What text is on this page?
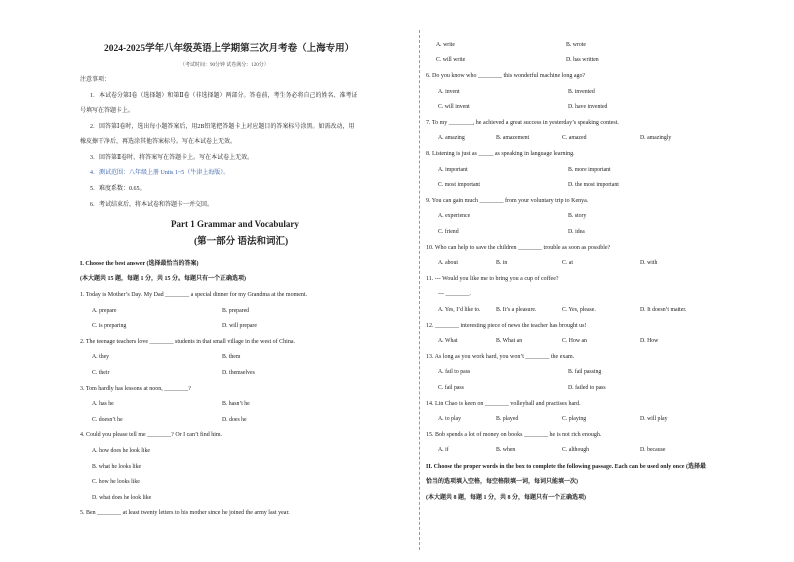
2024-2025学年八年级英语上学期第三次月考卷（上海专用）
（考试时间：90分钟 试卷满分：120分）
注意事项：
1．本试卷分第Ⅰ卷（选择题）和第Ⅱ卷（非选择题）两部分。答卷前，考生务必将自己的姓名、准考证
号填写在答题卡上。
2．回答第Ⅰ卷时，选出每小题答案后，用2B铅笔把答题卡上对应题目的答案标号涂黑。如需改动，用
橡皮擦干净后，再选涂其他答案标号。写在本试卷上无效。
3．回答第Ⅱ卷时，将答案写在答题卡上。写在本试卷上无效。
4．测试范围：八年级上册 Units 1~5（牛津上海版）。
5．难度系数：0.65。
6．考试结束后，将本试卷和答题卡一并交回。
Part 1 Grammar and Vocabulary
(第一部分 语法和词汇)
I. Choose the best answer (选择最恰当的答案)
(本大题共 15 题，每题 1 分，共 15 分。每题只有一个正确选项)
1. Today is Mother’s Day. My Dad ________ a special dinner for my Grandma at the moment.
A. prepare	B. prepared
C. is preparing	D. will prepare
2. The teenage teachers love ________ students in that small village in the west of China.
A. they	B. them
C. their	D. themselves
3. Tom hardly has lessons at noon, ________?
A. has he	B. hasn’t he
C. doesn’t he	D. does he
4. Could you please tell me ________? Or I can’t find him.
A. how does he look like
B. what he looks like
C. how he looks like
D. what does he look like
5. Ben ________ at least twenty letters to his mother since he joined the army last year.
A. write	B. wrote
C. will write	D. has written
6. Do you know who ________ this wonderful machine long ago?
A. invent	B. invented
C. will invent	D. have invented
7. To my ________, he achieved a great success in yesterday’s speaking contest.
A. amazing	B. amazement	C. amazed	D. amazingly
8. Listening is just as _____ as speaking in language learning.
A. important	B. more important
C. most important	D. the most important
9. You can gain much ________ from your voluntary trip to Kenya.
A. experience	B. story
C. friend	D. idea
10. Who can help to save the children ________ trouble as soon as possible?
A. about	B. in	C. at	D. with
11. --- Would you like me to bring you a cup of coffee?
--- ________.
A. Yes, I’d like to.	B. It’s a pleasure.	C. Yes, please.	D. It doesn’t matter.
12. ________ interesting piece of news the teacher has brought us!
A. What	B. What an	C. How an	D. How
13. As long as you work hard, you won’t ________ the exam.
A. fail to pass	B. fail passing
C. fail pass	D. failed to pass
14. Lin Chao is keen on ________ volleyball and practises hard.
A. to play	B. played	C. playing	D. will play
15. Bob spends a lot of money on books ________ he is not rich enough.
A. if	B. when	C. although	D. because
II. Choose the proper words in the box to complete the following passage. Each can be used only once (选择最
恰当的选项填入空格，每空格限填一词，每词只能填一次)
(本大题共 8 题，每题 1 分，共 8 分，每题只有一个正确选项)
